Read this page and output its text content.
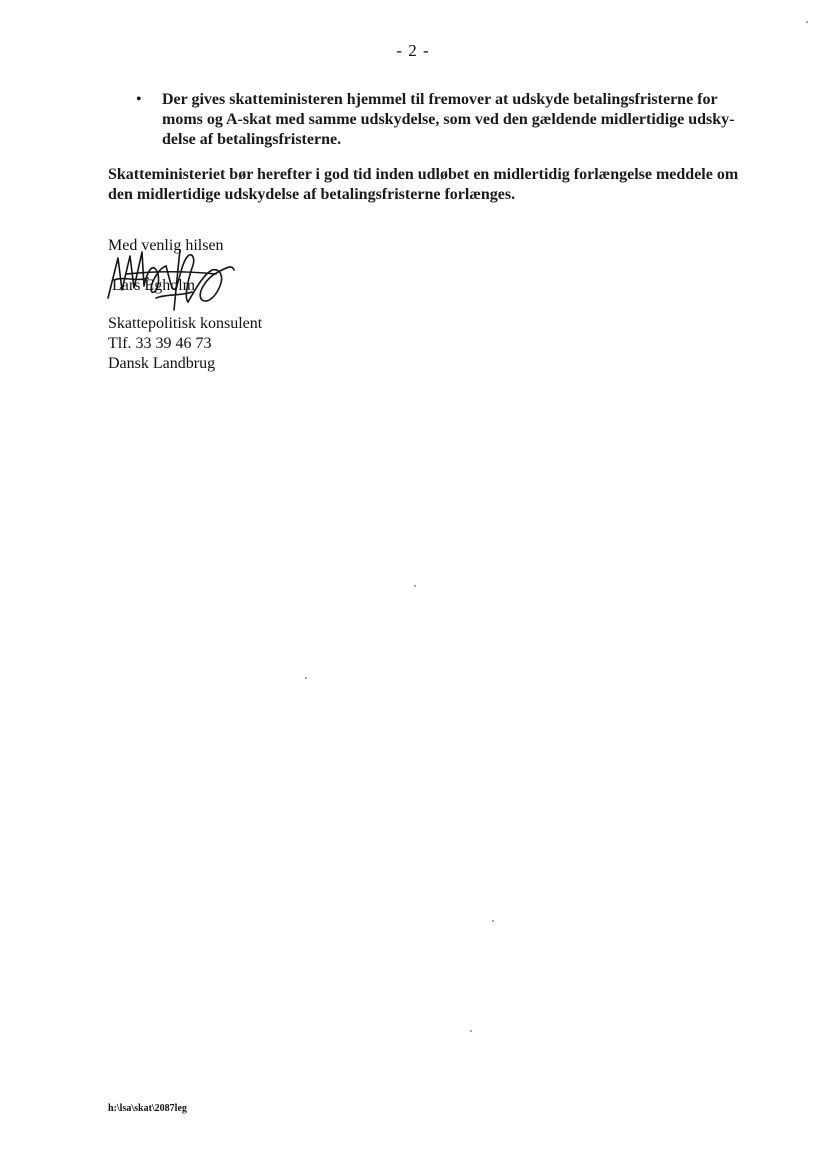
- 2 -
•	Der gives skatteministeren hjemmel til fremover at udskyde betalingsfristerne for moms og A-skat med samme udskydelse, som ved den gældende midlertidige udsky-delse af betalingsfristerne.
Skatteministeriet bør herefter i god tid inden udløbet en midlertidig forlængelse meddele om den midlertidige udskydelse af betalingsfristerne forlænges.
Med venlig hilsen
Lars Egholm
Skattepolitisk konsulent
Tlf. 33 39 46 73
Dansk Landbrug
h:\lsa\skat\2087leg
